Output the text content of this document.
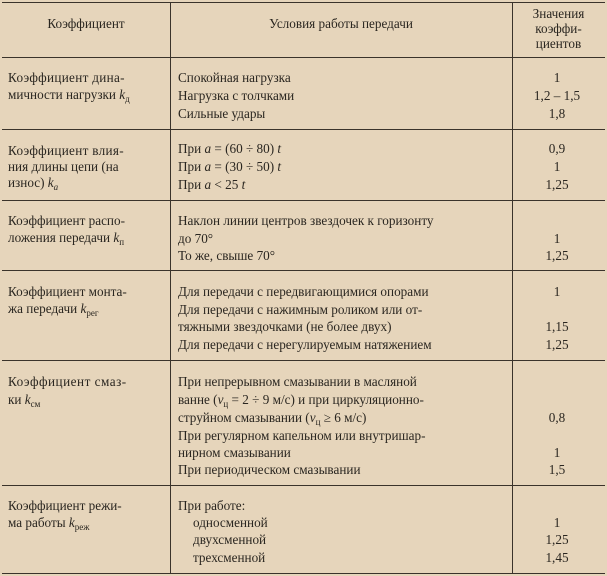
Коэффициент	Условия работы передачи
Значения
коэффи-
циентов
Коэффициент дина-
мичности нагрузки $k_д$
Спокойная нагрузка
Нагрузка с толчками
Сильные удары
1
1,2 – 1,5
1,8
Коэффициент влия-
ния длины цепи (на
износ) $k_a$
При a = (60 ÷ 80) t
При a = (30 ÷ 50) t
При a < 25 t
0,9
1
1,25
Коэффициент распо-
ложения передачи $k_п$
Наклон линии центров звездочек к горизонту
до 70°
То же, свыше 70°
1
1,25
Коэффициент монта-
жа передачи $k_{рег}$
Для передачи с передвигающимися опорами
Для передачи с нажимным роликом или от-
тяжными звездочками (не более двух)
Для передачи с нерегулируемым натяжением
1
1,15
1,25
Коэффициент смаз-
ки $k_{см}$
При непрерывном смазывании в масляной
ванне ($v_ц = 2 \div 9$ м/с) и при циркуляционно-
струйном смазывании ($v_ц \ge 6$ м/с)
При регулярном капельном или внутришар-
нирном смазывании
При периодическом смазывании
0,8
1
1,5
Коэффициент режи-
ма работы $k_{реж}$
При работе:
односменной
двухсменной
трехсменной
1
1,25
1,45
